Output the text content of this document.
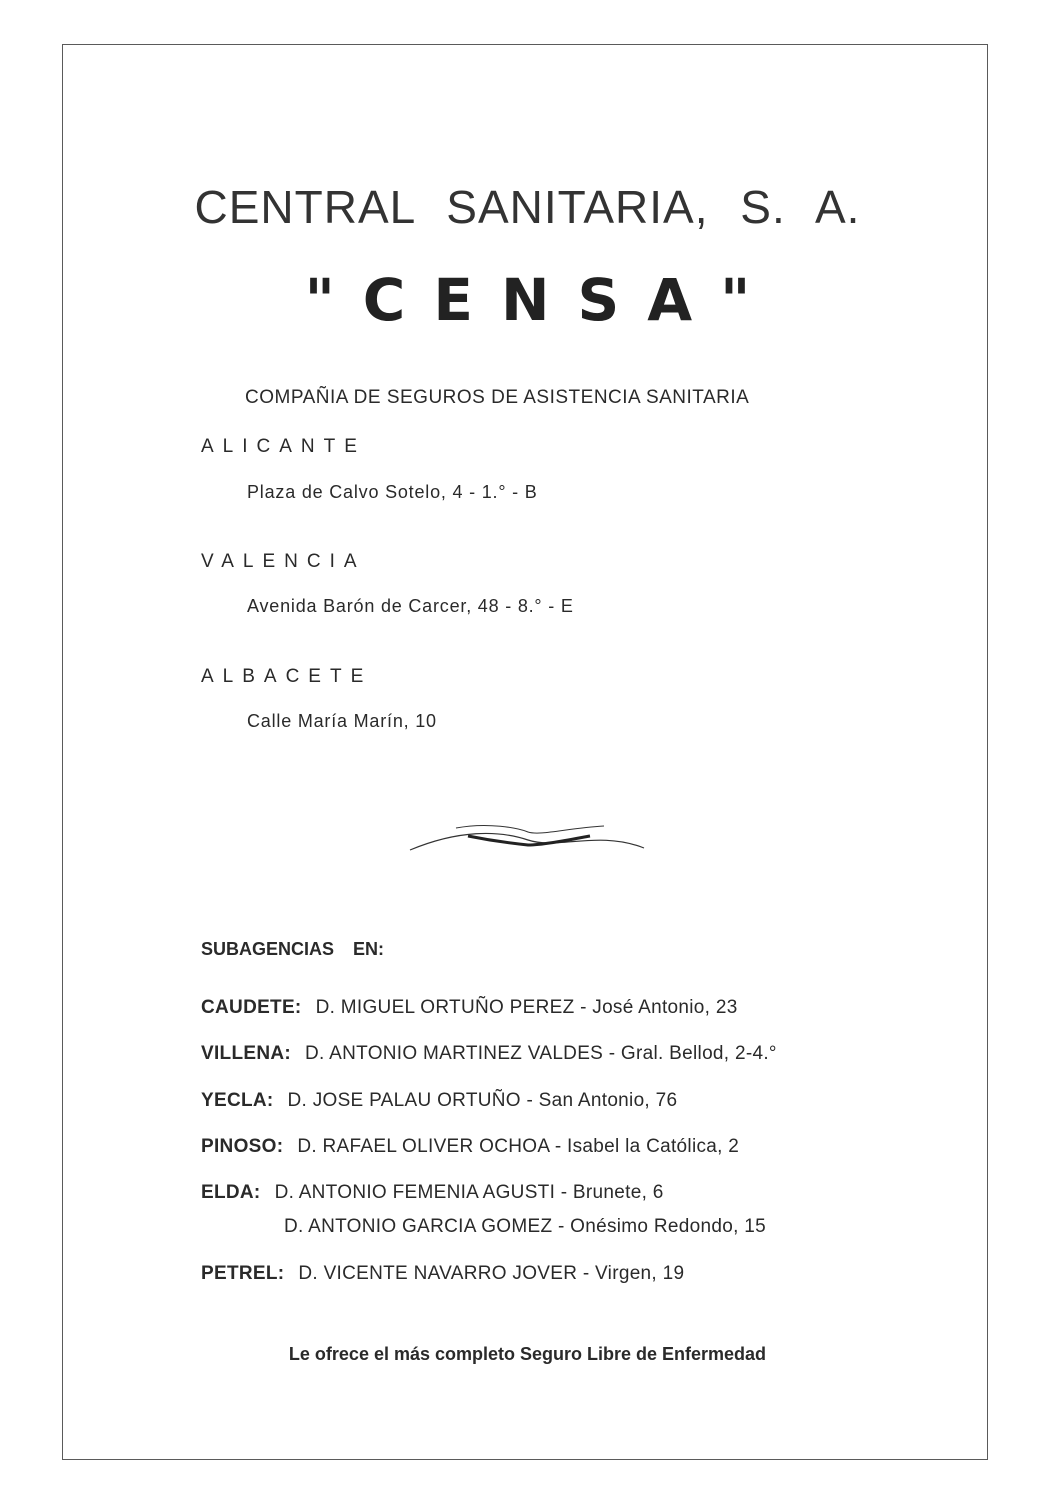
CENTRAL SANITARIA, S. A.
"CENSA"
COMPAÑIA DE SEGUROS DE ASISTENCIA SANITARIA
ALICANTE
Plaza de Calvo Sotelo, 4 - 1.° - B
VALENCIA
Avenida Barón de Carcer, 48 - 8.° - E
ALBACETE
Calle María Marín, 10
SUBAGENCIAS EN:
CAUDETE: D. MIGUEL ORTUÑO PEREZ - José Antonio, 23
VILLENA: D. ANTONIO MARTINEZ VALDES - Gral. Bellod, 2-4.°
YECLA: D. JOSE PALAU ORTUÑO - San Antonio, 76
PINOSO: D. RAFAEL OLIVER OCHOA - Isabel la Católica, 2
ELDA: D. ANTONIO FEMENIA AGUSTI - Brunete, 6
D. ANTONIO GARCIA GOMEZ - Onésimo Redondo, 15
PETREL: D. VICENTE NAVARRO JOVER - Virgen, 19
Le ofrece el más completo Seguro Libre de Enfermedad
